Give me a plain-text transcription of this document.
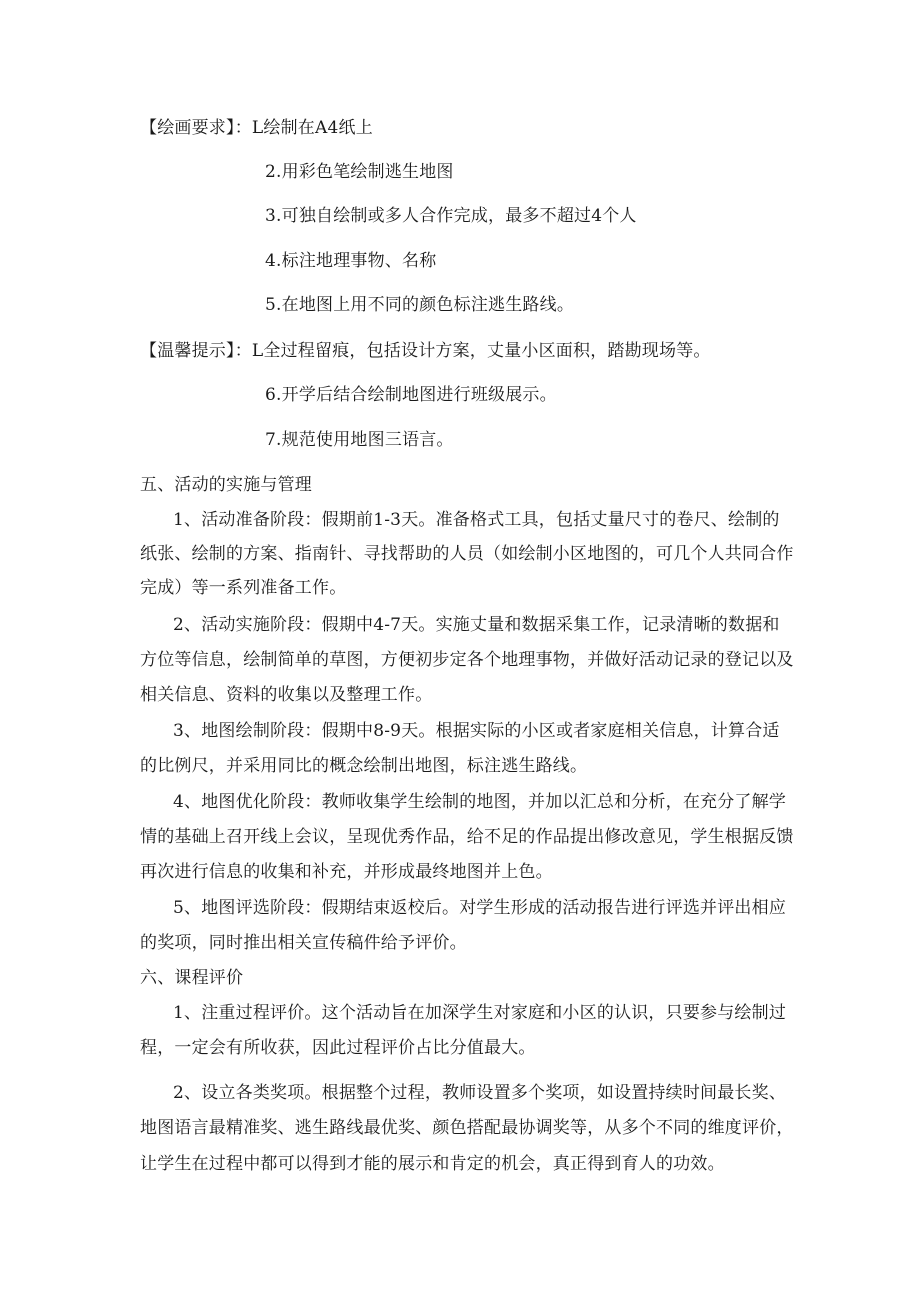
【绘画要求】：L绘制在A4纸上
2.用彩色笔绘制逃生地图
3.可独自绘制或多人合作完成，最多不超过4个人
4.标注地理事物、名称
5.在地图上用不同的颜色标注逃生路线。
【温馨提示】：L全过程留痕，包括设计方案，丈量小区面积，踏勘现场等。
6.开学后结合绘制地图进行班级展示。
7.规范使用地图三语言。
五、活动的实施与管理
1、活动准备阶段：假期前1-3天。准备格式工具，包括丈量尺寸的卷尺、绘制的
纸张、绘制的方案、指南针、寻找帮助的人员（如绘制小区地图的，可几个人共同合作
完成）等一系列准备工作。
2、活动实施阶段：假期中4-7天。实施丈量和数据采集工作，记录清晰的数据和
方位等信息，绘制简单的草图，方便初步定各个地理事物，并做好活动记录的登记以及
相关信息、资料的收集以及整理工作。
3、地图绘制阶段：假期中8-9天。根据实际的小区或者家庭相关信息，计算合适
的比例尺，并采用同比的概念绘制出地图，标注逃生路线。
4、地图优化阶段：教师收集学生绘制的地图，并加以汇总和分析，在充分了解学
情的基础上召开线上会议，呈现优秀作品，给不足的作品提出修改意见，学生根据反馈
再次进行信息的收集和补充，并形成最终地图并上色。
5、地图评选阶段：假期结束返校后。对学生形成的活动报告进行评选并评出相应
的奖项，同时推出相关宣传稿件给予评价。
六、课程评价
1、注重过程评价。这个活动旨在加深学生对家庭和小区的认识，只要参与绘制过
程，一定会有所收获，因此过程评价占比分值最大。
2、设立各类奖项。根据整个过程，教师设置多个奖项，如设置持续时间最长奖、
地图语言最精准奖、逃生路线最优奖、颜色搭配最协调奖等，从多个不同的维度评价，
让学生在过程中都可以得到才能的展示和肯定的机会，真正得到育人的功效。
